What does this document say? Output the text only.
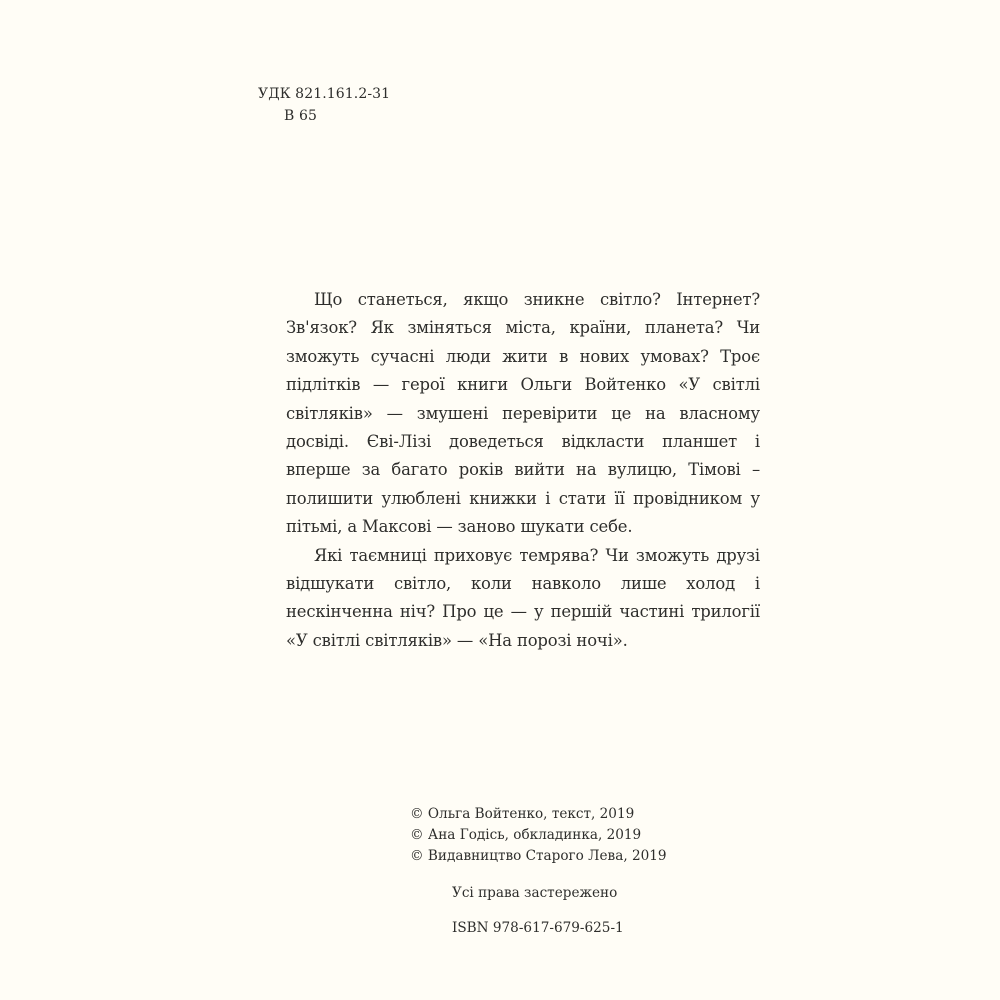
УДК 821.161.2-31
В 65

Що станеться, якщо зникне світло? Інтернет? Зв'язок? Як зміняться міста, країни, планета? Чи зможуть сучасні люди жити в нових умовах? Троє підлітків — герої книги Ольги Войтенко «У світлі світляків» — змушені перевірити це на власному досвіді. Єві-Лізі доведеться відкласти планшет і вперше за багато років вийти на вулицю, Тімові – полишити улюблені книжки і стати її провідником у пітьмі, а Максові — заново шукати себе.

Які таємниці приховує темрява? Чи зможуть друзі відшукати світло, коли навколо лише холод і нескінченна ніч? Про це — у першій частині трилогії «У світлі світляків» — «На порозі ночі».

© Ольга Войтенко, текст, 2019
© Ана Годісь, обкладинка, 2019
© Видавництво Старого Лева, 2019
Усі права застережено
ISBN 978-617-679-625-1
